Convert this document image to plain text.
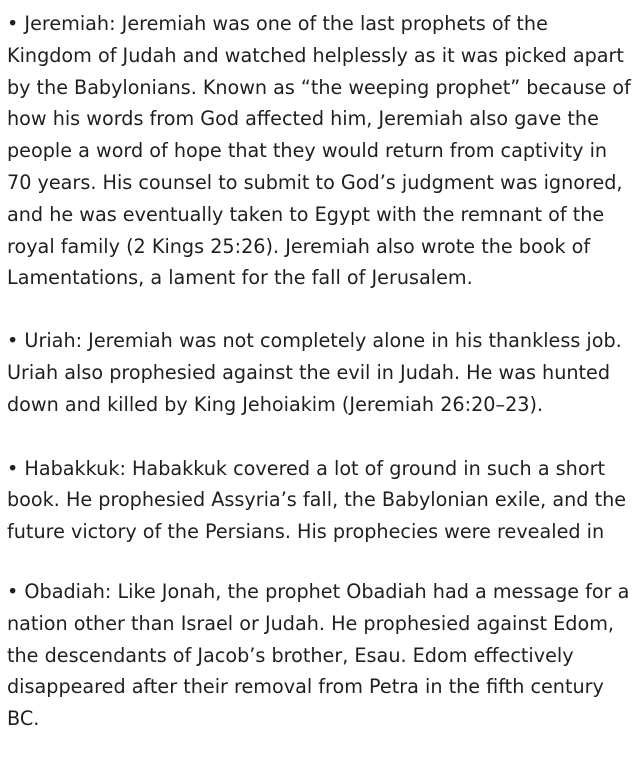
• Jeremiah: Jeremiah was one of the last prophets of the
Kingdom of Judah and watched helplessly as it was picked apart
by the Babylonians. Known as “the weeping prophet” because of
how his words from God affected him, Jeremiah also gave the
people a word of hope that they would return from captivity in
70 years. His counsel to submit to God’s judgment was ignored,
and he was eventually taken to Egypt with the remnant of the
royal family (2 Kings 25:26). Jeremiah also wrote the book of
Lamentations, a lament for the fall of Jerusalem.
• Uriah: Jeremiah was not completely alone in his thankless job.
Uriah also prophesied against the evil in Judah. He was hunted
down and killed by King Jehoiakim (Jeremiah 26:20–23).
• Habakkuk: Habakkuk covered a lot of ground in such a short
book. He prophesied Assyria’s fall, the Babylonian exile, and the
future victory of the Persians. His prophecies were revealed in
• Obadiah: Like Jonah, the prophet Obadiah had a message for a
nation other than Israel or Judah. He prophesied against Edom,
the descendants of Jacob’s brother, Esau. Edom effectively
disappeared after their removal from Petra in the fifth century
BC.
